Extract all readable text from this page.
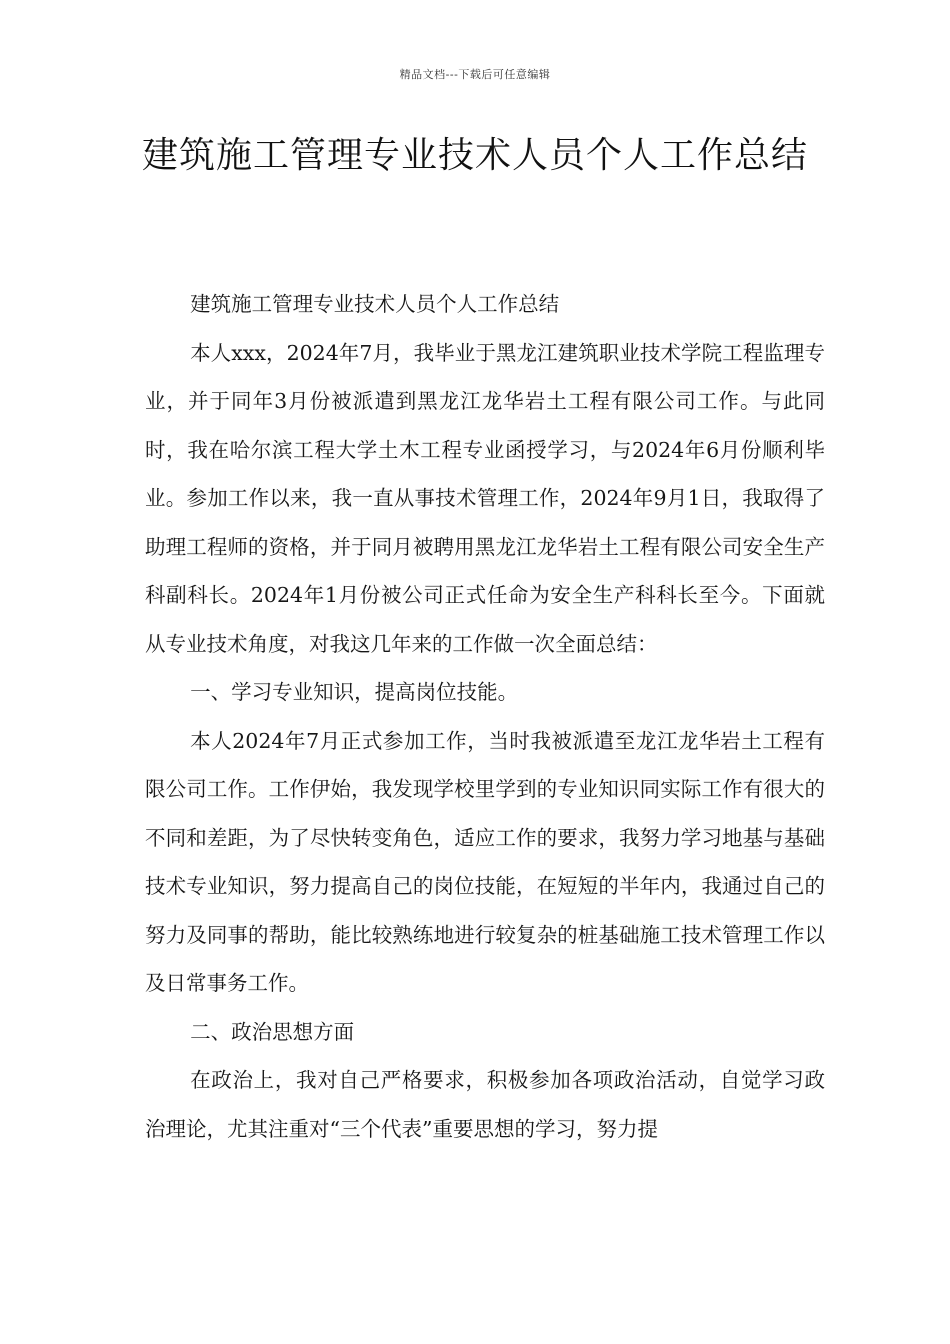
精品文档---下载后可任意编辑
建筑施工管理专业技术人员个人工作总结

建筑施工管理专业技术人员个人工作总结

本人xxx，2024年7月，我毕业于黑龙江建筑职业技术学院工程监理专业，并于同年3月份被派遣到黑龙江龙华岩土工程有限公司工作。与此同时，我在哈尔滨工程大学土木工程专业函授学习，与2024年6月份顺利毕业。参加工作以来，我一直从事技术管理工作，2024年9月1日，我取得了助理工程师的资格，并于同月被聘用黑龙江龙华岩土工程有限公司安全生产科副科长。2024年1月份被公司正式任命为安全生产科科长至今。下面就从专业技术角度，对我这几年来的工作做一次全面总结：

一、学习专业知识，提高岗位技能。

本人2024年7月正式参加工作，当时我被派遣至龙江龙华岩土工程有限公司工作。工作伊始，我发现学校里学到的专业知识同实际工作有很大的不同和差距，为了尽快转变角色，适应工作的要求，我努力学习地基与基础技术专业知识，努力提高自己的岗位技能，在短短的半年内，我通过自己的努力及同事的帮助，能比较熟练地进行较复杂的桩基础施工技术管理工作以及日常事务工作。

二、政治思想方面

在政治上，我对自己严格要求，积极参加各项政治活动，自觉学习政治理论，尤其注重对“三个代表”重要思想的学习，努力提
